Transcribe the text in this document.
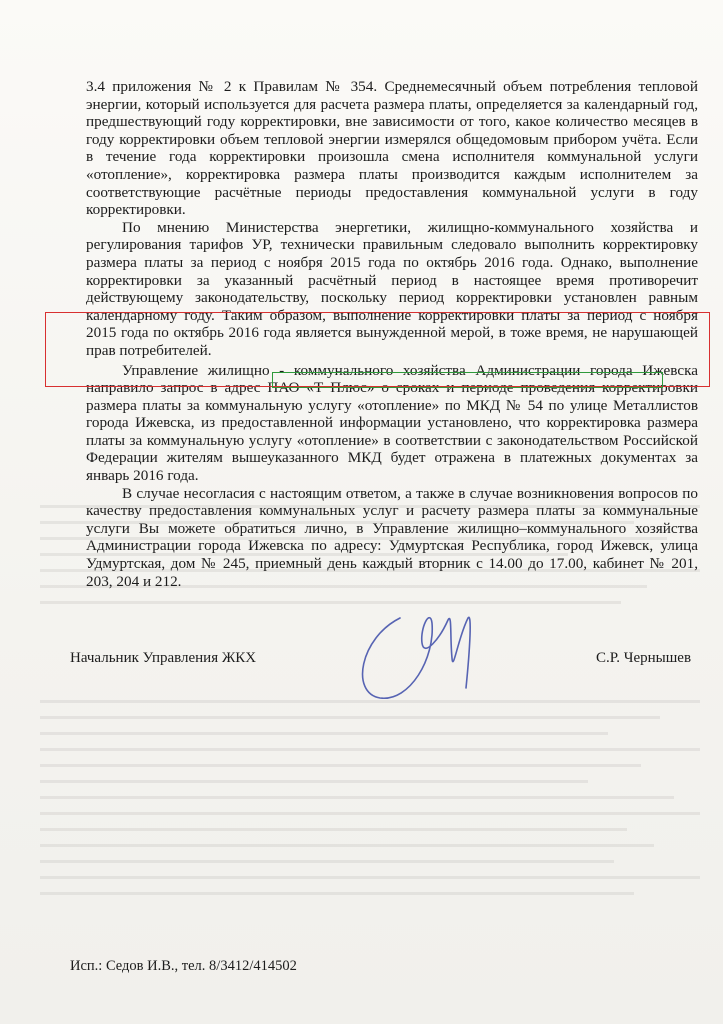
3.4 приложения № 2 к Правилам № 354. Среднемесячный объем потребления тепловой энергии, который используется для расчета размера платы, определяется за календарный год, предшествующий году корректировки, вне зависимости от того, какое количество месяцев в году корректировки объем тепловой энергии измерялся общедомовым прибором учёта. Если в течение года корректировки произошла смена исполнителя коммунальной услуги «отопление», корректировка размера платы производится каждым исполнителем за соответствующие расчётные периоды предоставления коммунальной услуги в году корректировки.

По мнению Министерства энергетики, жилищно-коммунального хозяйства и регулирования тарифов УР, технически правильным следовало выполнить корректировку размера платы за период с ноября 2015 года по октябрь 2016 года. Однако, выполнение корректировки за указанный расчётный период в настоящее время противоречит действующему законодательству, поскольку период корректировки установлен равным календарному году. Таким образом, выполнение корректировки платы за период с ноября 2015 года по октябрь 2016 года является вынужденной мерой, в тоже время, не нарушающей прав потребителей.

Управление жилищно - коммунального хозяйства Администрации города Ижевска направило запрос в адрес ПАО «Т Плюс» о сроках и периоде проведения корректировки размера платы за коммунальную услугу «отопление» по МКД № 54 по улице Металлистов города Ижевска, из предоставленной информации установлено, что корректировка размера платы за коммунальную услугу «отопление» в соответствии с законодательством Российской Федерации жителям вышеуказанного МКД будет отражена в платежных документах за январь 2016 года.

В случае несогласия с настоящим ответом, а также в случае возникновения вопросов по качеству предоставления коммунальных услуг и расчету размера платы за коммунальные услуги Вы можете обратиться лично, в Управление жилищно–коммунального хозяйства Администрации города Ижевска по адресу: Удмуртская Республика, город Ижевск, улица Удмуртская, дом № 245, приемный день каждый вторник с 14.00 до 17.00, кабинет № 201, 203, 204 и 212.

Начальник Управления ЖКХ	С.Р. Чернышев
Исп.: Седов И.В., тел. 8/3412/414502
